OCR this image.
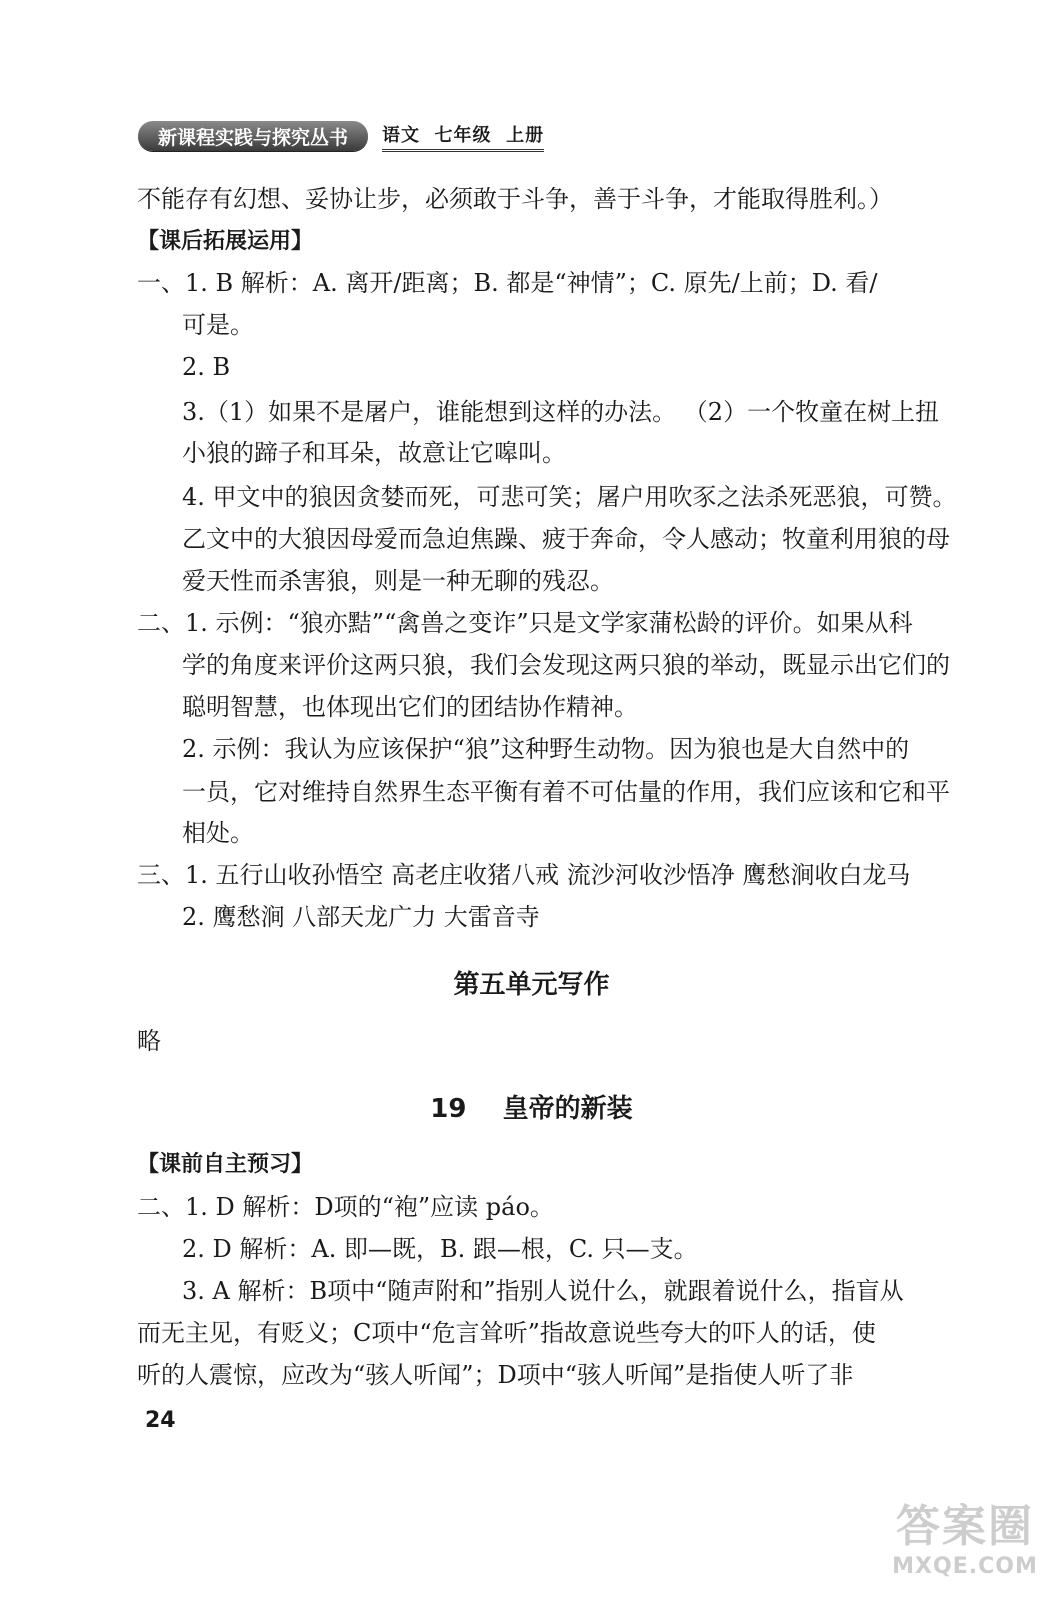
新课程实践与探究丛书	语文  七年级  上册
不能存有幻想、妥协让步，必须敢于斗争，善于斗争，才能取得胜利。）
【课后拓展运用】
一、1. B 解析：A. 离开/距离；B. 都是“神情”；C. 原先/上前；D. 看/
可是。
2. B
3.（1）如果不是屠户，谁能想到这样的办法。 （2）一个牧童在树上扭
小狼的蹄子和耳朵，故意让它嗥叫。
4. 甲文中的狼因贪婪而死，可悲可笑；屠户用吹豕之法杀死恶狼，可赞。
乙文中的大狼因母爱而急迫焦躁、疲于奔命，令人感动；牧童利用狼的母
爱天性而杀害狼，则是一种无聊的残忍。
二、1. 示例：“狼亦黠”“禽兽之变诈”只是文学家蒲松龄的评价。如果从科
学的角度来评价这两只狼，我们会发现这两只狼的举动，既显示出它们的
聪明智慧，也体现出它们的团结协作精神。
2. 示例：我认为应该保护“狼”这种野生动物。因为狼也是大自然中的
一员，它对维持自然界生态平衡有着不可估量的作用，我们应该和它和平
相处。
三、1. 五行山收孙悟空 高老庄收猪八戒 流沙河收沙悟净 鹰愁涧收白龙马
2. 鹰愁涧 八部天龙广力 大雷音寺
第五单元写作
略
19    皇帝的新装
【课前自主预习】
二、1. D 解析：D项的“袍”应读 páo。
2. D 解析：A. 即—既，B. 跟—根，C. 只—支。
3. A 解析：B项中“随声附和”指别人说什么，就跟着说什么，指盲从
而无主见，有贬义；C项中“危言耸听”指故意说些夸大的吓人的话，使
听的人震惊，应改为“骇人听闻”；D项中“骇人听闻”是指使人听了非
24
答案圈
MXQE.COM
